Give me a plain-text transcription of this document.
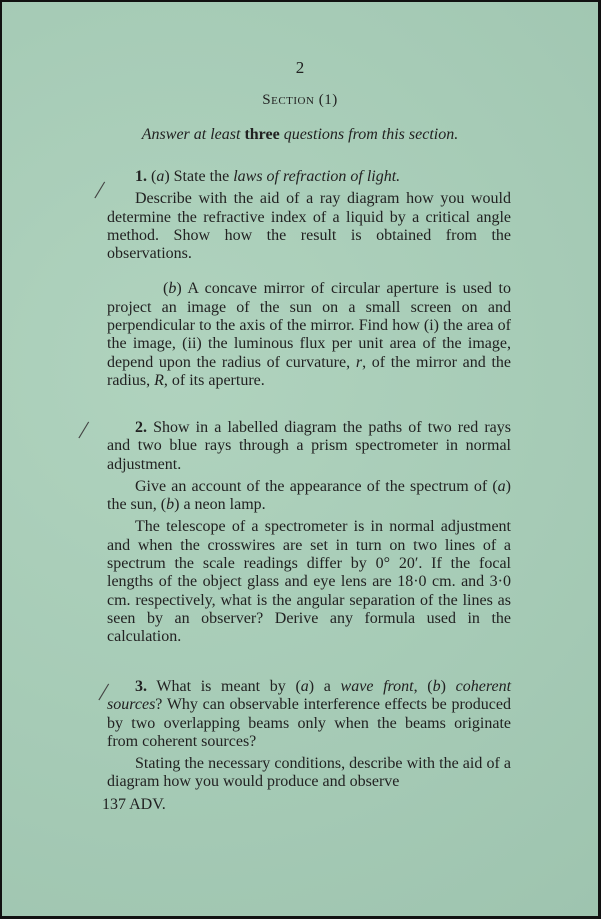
2
Section (1)
Answer at least three questions from this section.
/
/
/

1. (a) State the laws of refraction of light.

Describe with the aid of a ray diagram how you would determine the refractive index of a liquid by a critical angle method. Show how the result is obtained from the observations.

(b) A concave mirror of circular aperture is used to project an image of the sun on a small screen on and perpendicular to the axis of the mirror. Find how (i) the area of the image, (ii) the luminous flux per unit area of the image, depend upon the radius of curvature, r, of the mirror and the radius, R, of its aperture.

2. Show in a labelled diagram the paths of two red rays and two blue rays through a prism spectrometer in normal adjustment.

Give an account of the appearance of the spectrum of (a) the sun, (b) a neon lamp.

The telescope of a spectrometer is in normal adjustment and when the crosswires are set in turn on two lines of a spectrum the scale readings differ by 0° 20′. If the focal lengths of the object glass and eye lens are 18·0 cm. and 3·0 cm. respectively, what is the angular separation of the lines as seen by an observer? Derive any formula used in the calculation.

3. What is meant by (a) a wave front, (b) coherent sources? Why can observable interference effects be produced by two overlapping beams only when the beams originate from coherent sources?

Stating the necessary conditions, describe with the aid of a diagram how you would produce and observe

137 ADV.
